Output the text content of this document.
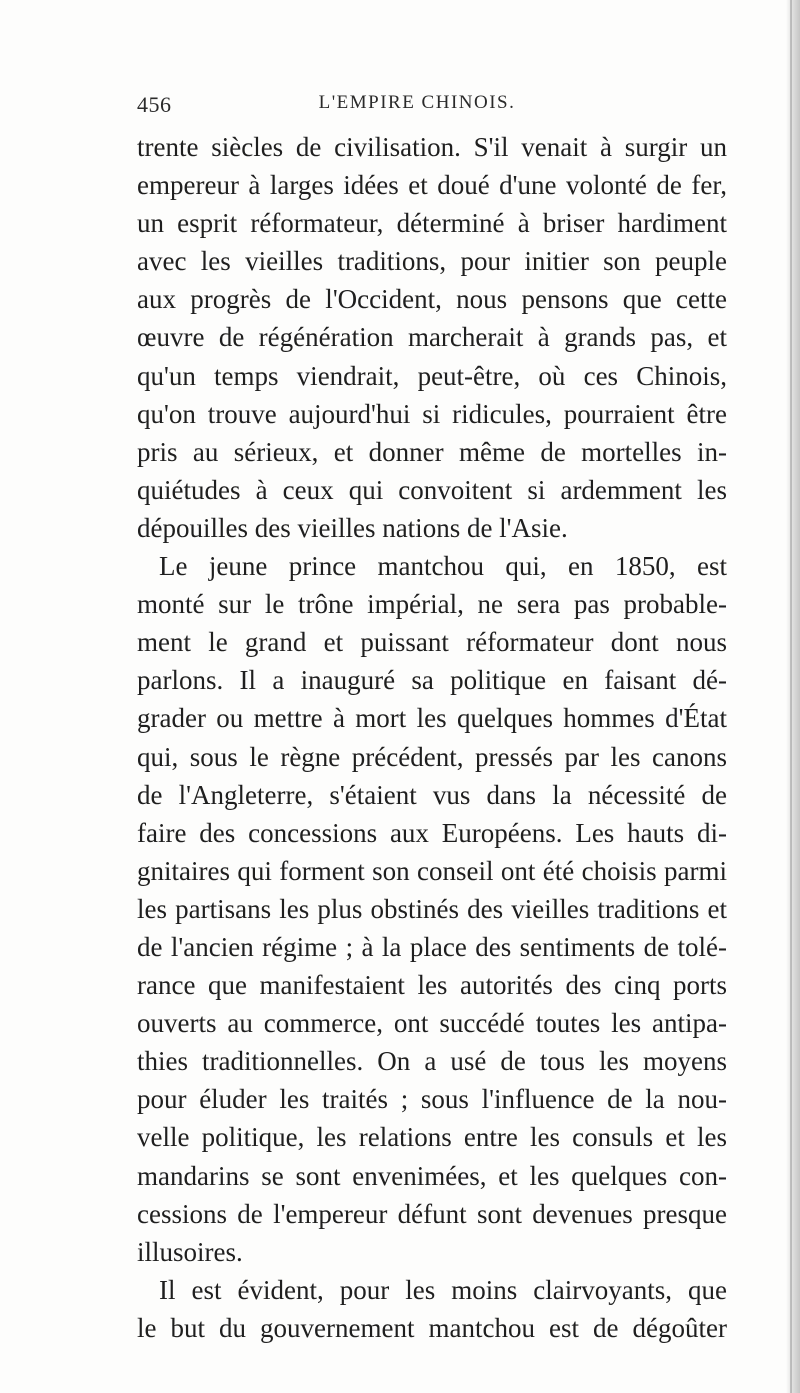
456	L'EMPIRE CHINOIS.
trente siècles de civilisation. S'il venait à surgir un
empereur à larges idées et doué d'une volonté de fer,
un esprit réformateur, déterminé à briser hardiment
avec les vieilles traditions, pour initier son peuple
aux progrès de l'Occident, nous pensons que cette
œuvre de régénération marcherait à grands pas, et
qu'un temps viendrait, peut-être, où ces Chinois,
qu'on trouve aujourd'hui si ridicules, pourraient être
pris au sérieux, et donner même de mortelles in-
quiétudes à ceux qui convoitent si ardemment les
dépouilles des vieilles nations de l'Asie.
Le jeune prince mantchou qui, en 1850, est
monté sur le trône impérial, ne sera pas probable-
ment le grand et puissant réformateur dont nous
parlons. Il a inauguré sa politique en faisant dé-
grader ou mettre à mort les quelques hommes d'État
qui, sous le règne précédent, pressés par les canons
de l'Angleterre, s'étaient vus dans la nécessité de
faire des concessions aux Européens. Les hauts di-
gnitaires qui forment son conseil ont été choisis parmi
les partisans les plus obstinés des vieilles traditions et
de l'ancien régime ; à la place des sentiments de tolé-
rance que manifestaient les autorités des cinq ports
ouverts au commerce, ont succédé toutes les antipa-
thies traditionnelles. On a usé de tous les moyens
pour éluder les traités ; sous l'influence de la nou-
velle politique, les relations entre les consuls et les
mandarins se sont envenimées, et les quelques con-
cessions de l'empereur défunt sont devenues presque
illusoires.
Il est évident, pour les moins clairvoyants, que
le but du gouvernement mantchou est de dégoûter
